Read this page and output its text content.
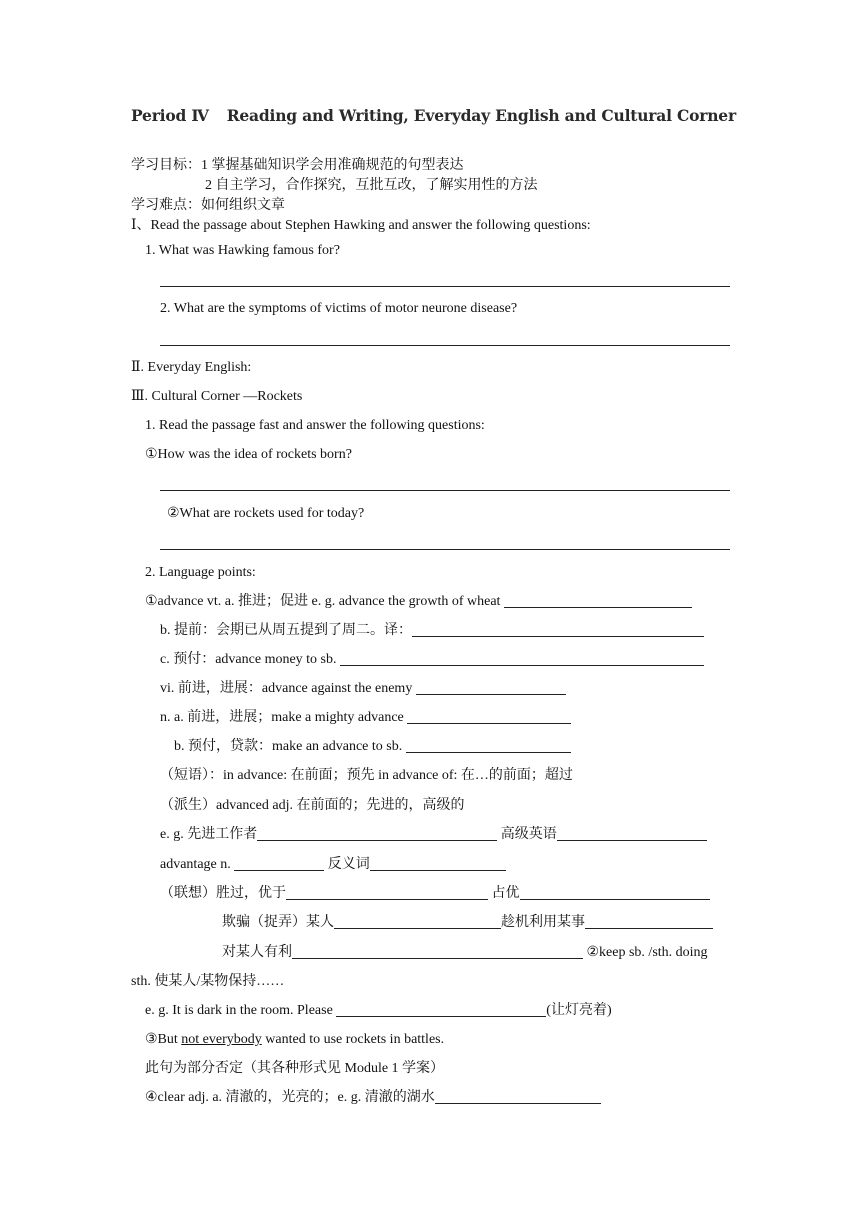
Period Ⅳ Reading and Writing, Everyday English and Cultural Corner
学习目标：1 掌握基础知识学会用准确规范的句型表达
2 自主学习，合作探究，互批互改，了解实用性的方法
学习难点：如何组织文章
Ⅰ、Read the passage about Stephen Hawking and answer the following questions:
1. What was Hawking famous for?
2. What are the symptoms of victims of motor neurone disease?
Ⅱ. Everyday English:
Ⅲ. Cultural Corner —Rockets
1. Read the passage fast and answer the following questions:
①How was the idea of rockets born?
②What are rockets used for today?
2. Language points:
①advance vt. a. 推进；促进 e. g. advance the growth of wheat
b. 提前：会期已从周五提到了周二。译：
c. 预付：advance money to sb.
vi. 前进，进展：advance against the enemy
n. a. 前进，进展；make a mighty advance
b. 预付，贷款：make an advance to sb.
（短语）：in advance: 在前面；预先 in advance of: 在…的前面；超过
（派生）advanced adj. 在前面的；先进的，高级的
e. g. 先进工作者	高级英语
advantage n.	反义词
（联想）胜过，优于	占优
欺骗（捉弄）某人	趁机利用某事
对某人有利	②keep sb. /sth. doing
sth. 使某人/某物保持……
e. g. It is dark in the room. Please	(让灯亮着)
③But not everybody wanted to use rockets in battles.
此句为部分否定（其各种形式见 Module 1 学案）
④clear adj. a. 清澈的，光亮的；e. g. 清澈的湖水
